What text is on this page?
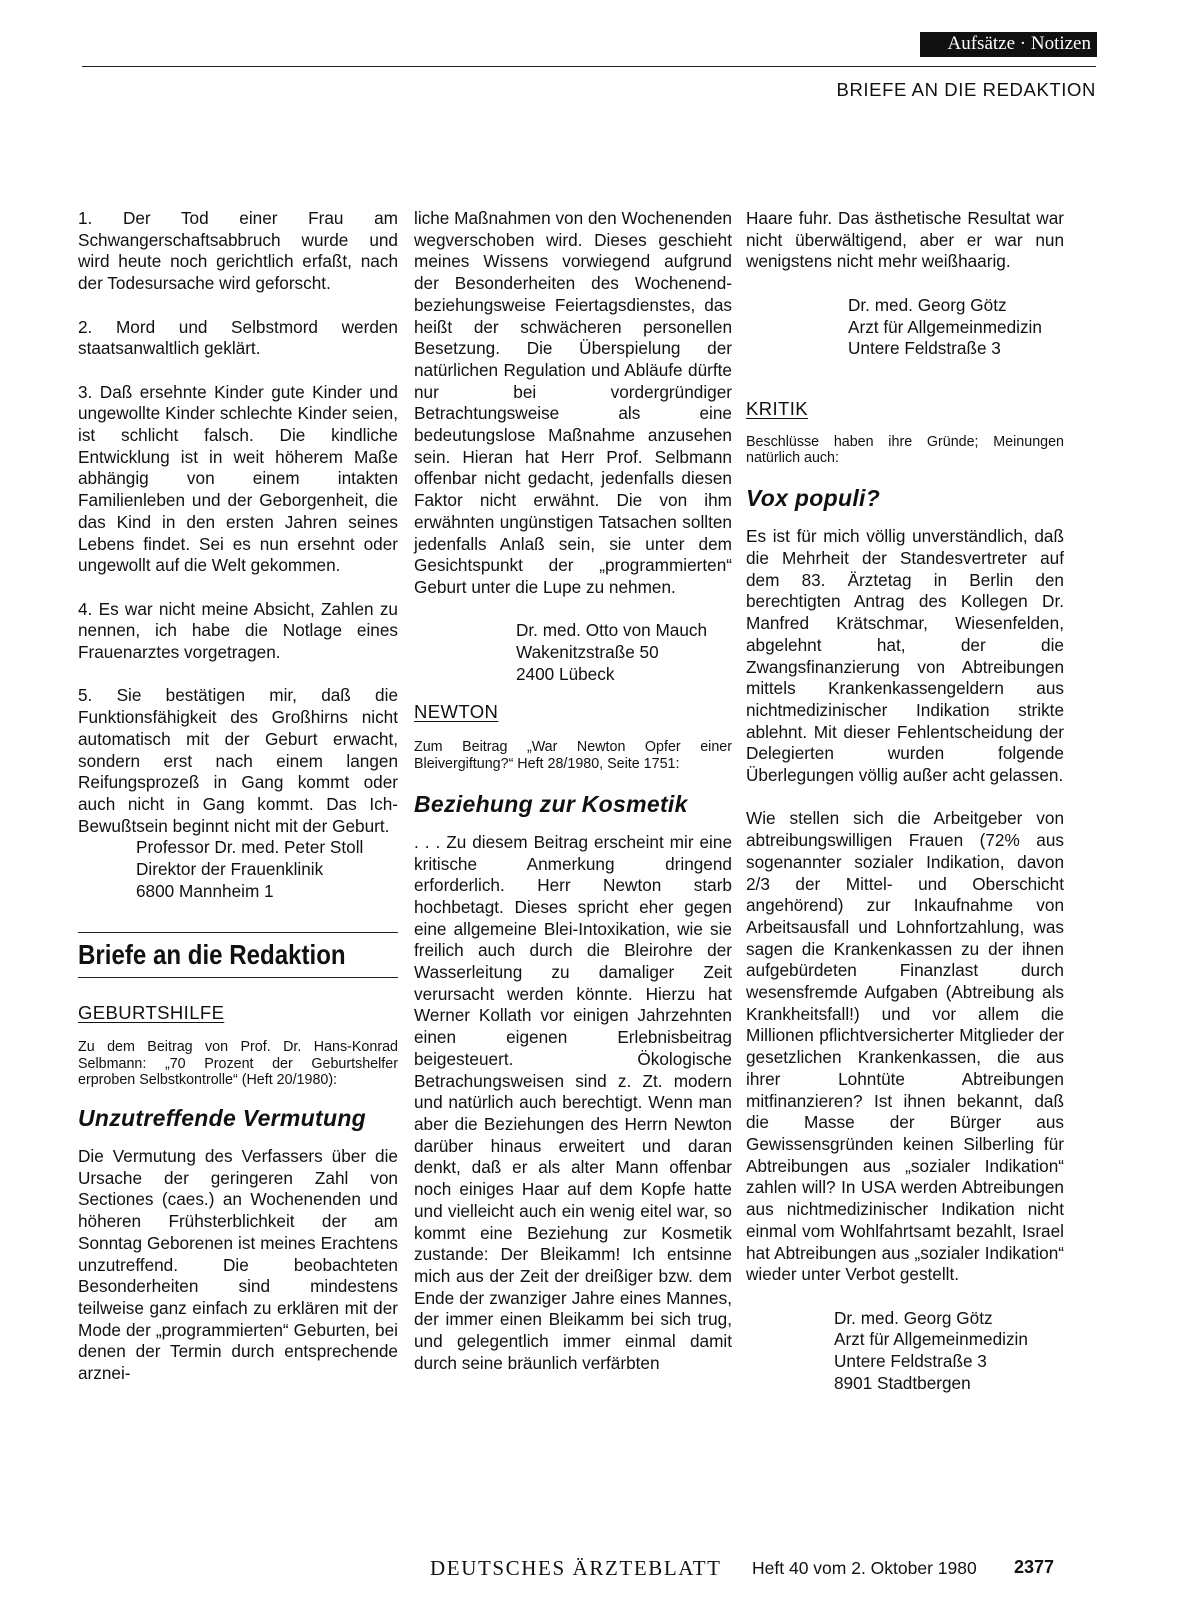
Aufsätze · Notizen
BRIEFE AN DIE REDAKTION

1. Der Tod einer Frau am Schwangerschaftsabbruch wurde und wird heute noch gerichtlich erfaßt, nach der Todesursache wird geforscht.

2. Mord und Selbstmord werden staatsanwaltlich geklärt.

3. Daß ersehnte Kinder gute Kinder und ungewollte Kinder schlechte Kinder seien, ist schlicht falsch. Die kindliche Entwicklung ist in weit höherem Maße abhängig von einem intakten Familienleben und der Geborgenheit, die das Kind in den ersten Jahren seines Lebens findet. Sei es nun ersehnt oder ungewollt auf die Welt gekommen.

4. Es war nicht meine Absicht, Zahlen zu nennen, ich habe die Notlage eines Frauenarztes vorgetragen.

5. Sie bestätigen mir, daß die Funktionsfähigkeit des Großhirns nicht automatisch mit der Geburt erwacht, sondern erst nach einem langen Reifungsprozeß in Gang kommt oder auch nicht in Gang kommt. Das Ich-Bewußtsein beginnt nicht mit der Geburt.

Professor Dr. med. Peter Stoll
Direktor der Frauenklinik
6800 Mannheim 1
Briefe an die Redaktion
GEBURTSHILFE

Zu dem Beitrag von Prof. Dr. Hans-Konrad Selbmann: „70 Prozent der Geburtshelfer erproben Selbstkontrolle“ (Heft 20/1980):

Unzutreffende Vermutung

Die Vermutung des Verfassers über die Ursache der geringeren Zahl von Sectiones (caes.) an Wochenenden und höheren Frühsterblichkeit der am Sonntag Geborenen ist meines Erachtens unzutreffend. Die beobachteten Besonderheiten sind mindestens teilweise ganz einfach zu erklären mit der Mode der „programmierten“ Geburten, bei denen der Termin durch entsprechende arznei-

liche Maßnahmen von den Wochenenden wegverschoben wird. Dieses geschieht meines Wissens vorwiegend aufgrund der Besonderheiten des Wochenend- beziehungsweise Feiertagsdienstes, das heißt der schwächeren personellen Besetzung. Die Überspielung der natürlichen Regulation und Abläufe dürfte nur bei vordergründiger Betrachtungsweise als eine bedeutungslose Maßnahme anzusehen sein. Hieran hat Herr Prof. Selbmann offenbar nicht gedacht, jedenfalls diesen Faktor nicht erwähnt. Die von ihm erwähnten ungünstigen Tatsachen sollten jedenfalls Anlaß sein, sie unter dem Gesichtspunkt der „programmierten“ Geburt unter die Lupe zu nehmen.

Dr. med. Otto von Mauch
Wakenitzstraße 50
2400 Lübeck
NEWTON

Zum Beitrag „War Newton Opfer einer Bleivergiftung?“ Heft 28/1980, Seite 1751:

Beziehung zur Kosmetik

. . . Zu diesem Beitrag erscheint mir eine kritische Anmerkung dringend erforderlich. Herr Newton starb hochbetagt. Dieses spricht eher gegen eine allgemeine Blei-Intoxikation, wie sie freilich auch durch die Bleirohre der Wasserleitung zu damaliger Zeit verursacht werden könnte. Hierzu hat Werner Kollath vor einigen Jahrzehnten einen eigenen Erlebnisbeitrag beigesteuert. Ökologische Betrachungsweisen sind z. Zt. modern und natürlich auch berechtigt. Wenn man aber die Beziehungen des Herrn Newton darüber hinaus erweitert und daran denkt, daß er als alter Mann offenbar noch einiges Haar auf dem Kopfe hatte und vielleicht auch ein wenig eitel war, so kommt eine Beziehung zur Kosmetik zustande: Der Bleikamm! Ich entsinne mich aus der Zeit der dreißiger bzw. dem Ende der zwanziger Jahre eines Mannes, der immer einen Bleikamm bei sich trug, und gelegentlich immer einmal damit durch seine bräunlich verfärbten

Haare fuhr. Das ästhetische Resultat war nicht überwältigend, aber er war nun wenigstens nicht mehr weißhaarig.

Dr. med. Georg Götz
Arzt für Allgemeinmedizin
Untere Feldstraße 3
KRITIK

Beschlüsse haben ihre Gründe; Meinungen natürlich auch:

Vox populi?

Es ist für mich völlig unverständlich, daß die Mehrheit der Standesvertreter auf dem 83. Ärztetag in Berlin den berechtigten Antrag des Kollegen Dr. Manfred Krätschmar, Wiesenfelden, abgelehnt hat, der die Zwangsfinanzierung von Abtreibungen mittels Krankenkassengeldern aus nichtmedizinischer Indikation strikte ablehnt. Mit dieser Fehlentscheidung der Delegierten wurden folgende Überlegungen völlig außer acht gelassen.

Wie stellen sich die Arbeitgeber von abtreibungswilligen Frauen (72% aus sogenannter sozialer Indikation, davon 2/3 der Mittel- und Oberschicht angehörend) zur Inkaufnahme von Arbeitsausfall und Lohnfortzahlung, was sagen die Krankenkassen zu der ihnen aufgebürdeten Finanzlast durch wesensfremde Aufgaben (Abtreibung als Krankheitsfall!) und vor allem die Millionen pflichtversicherter Mitglieder der gesetzlichen Krankenkassen, die aus ihrer Lohntüte Abtreibungen mitfinanzieren? Ist ihnen bekannt, daß die Masse der Bürger aus Gewissensgründen keinen Silberling für Abtreibungen aus „sozialer Indikation“ zahlen will? In USA werden Abtreibungen aus nichtmedizinischer Indikation nicht einmal vom Wohlfahrtsamt bezahlt, Israel hat Abtreibungen aus „sozialer Indikation“ wieder unter Verbot gestellt.

Dr. med. Georg Götz
Arzt für Allgemeinmedizin
Untere Feldstraße 3
8901 Stadtbergen
DEUTSCHES ÄRZTEBLATT Heft 40 vom 2. Oktober 1980 2377
